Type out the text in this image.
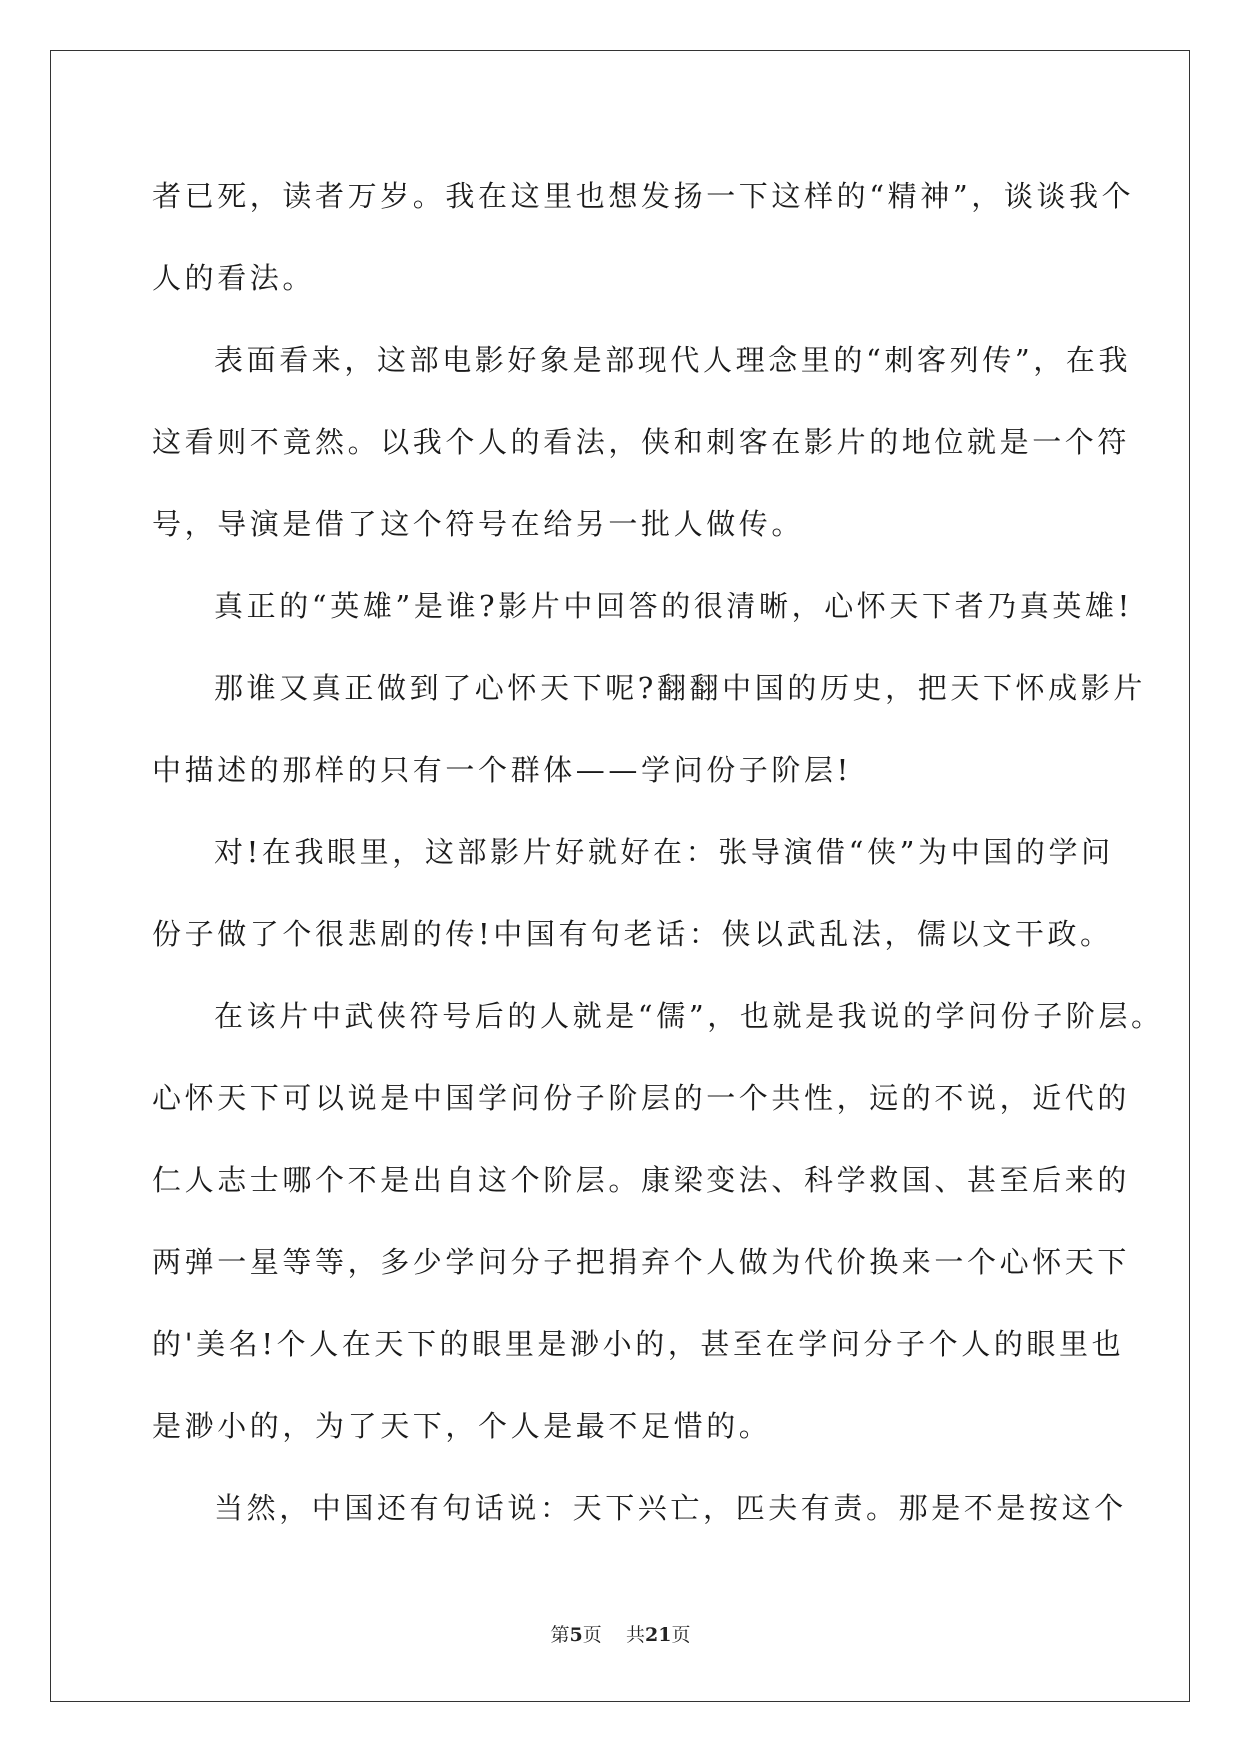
者已死，读者万岁。我在这里也想发扬一下这样的“精神”，谈谈我个
人的看法。
表面看来，这部电影好象是部现代人理念里的“刺客列传”，在我
这看则不竟然。以我个人的看法，侠和刺客在影片的地位就是一个符
号，导演是借了这个符号在给另一批人做传。
真正的“英雄”是谁?影片中回答的很清晰，心怀天下者乃真英雄!
那谁又真正做到了心怀天下呢?翻翻中国的历史，把天下怀成影片
中描述的那样的只有一个群体——学问份子阶层!
对!在我眼里，这部影片好就好在：张导演借“侠”为中国的学问
份子做了个很悲剧的传!中国有句老话：侠以武乱法，儒以文干政。
在该片中武侠符号后的人就是“儒”，也就是我说的学问份子阶层。
心怀天下可以说是中国学问份子阶层的一个共性，远的不说，近代的
仁人志士哪个不是出自这个阶层。康梁变法、科学救国、甚至后来的
两弹一星等等，多少学问分子把捐弃个人做为代价换来一个心怀天下
的'美名!个人在天下的眼里是渺小的，甚至在学问分子个人的眼里也
是渺小的，为了天下，个人是最不足惜的。
当然，中国还有句话说：天下兴亡，匹夫有责。那是不是按这个
第5页 共21页
